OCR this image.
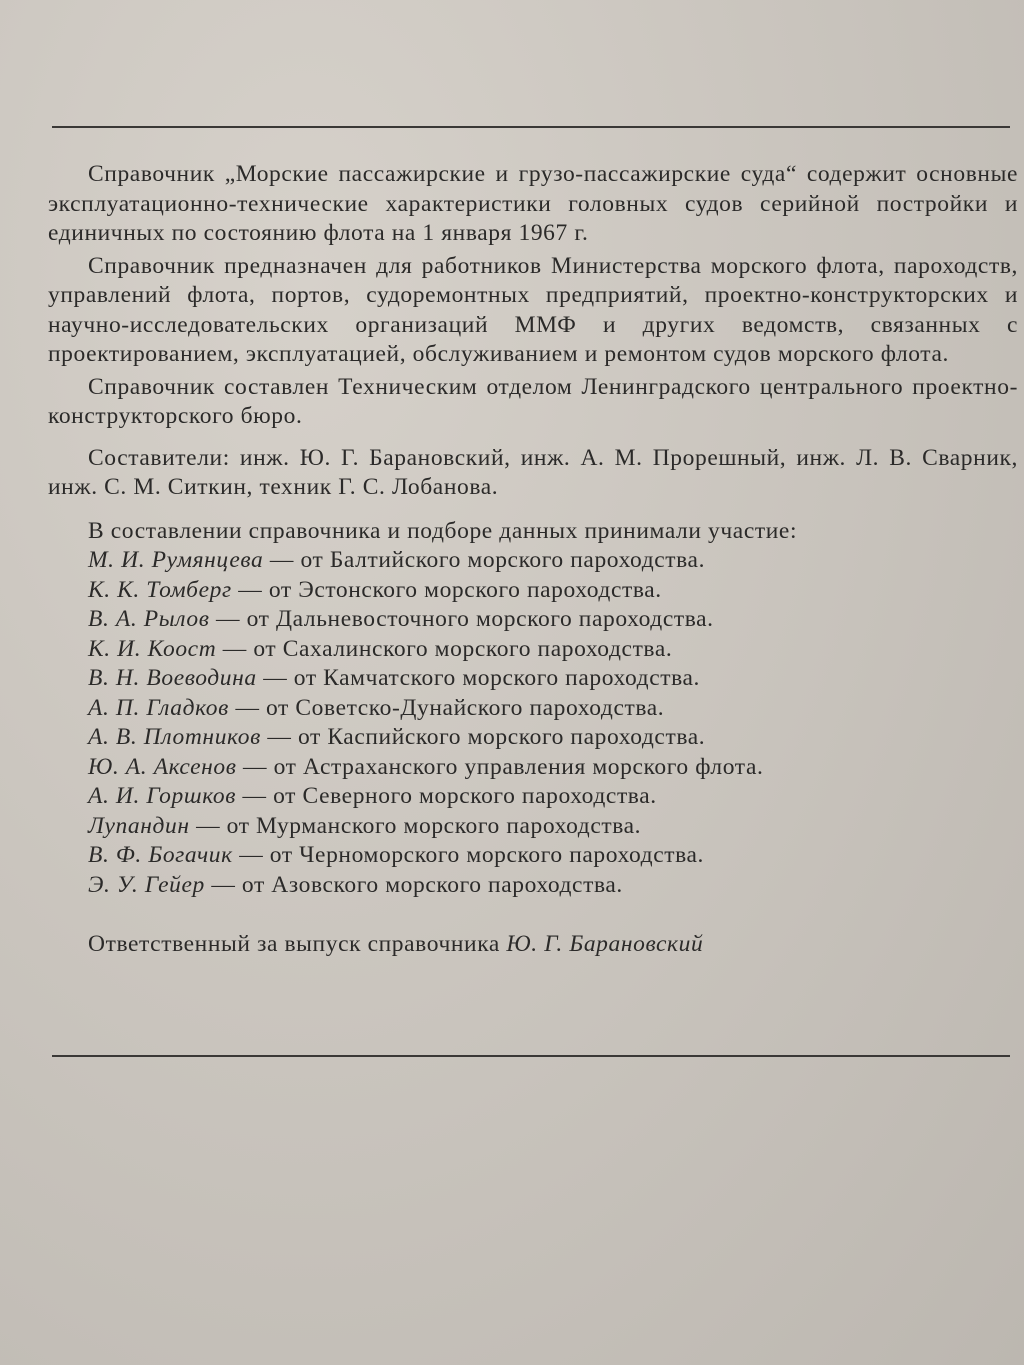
Справочник „Морские пассажирские и грузо-пассажирские суда“ содержит основные эксплуатационно-технические характеристики головных судов серийной постройки и единичных по состоянию флота на 1 января 1967 г.

Справочник предназначен для работников Министерства морского флота, пароходств, управлений флота, портов, судоремонтных предприятий, проектно-конструкторских и научно-исследовательских организаций ММФ и других ведомств, связанных с проектированием, эксплуатацией, обслуживанием и ремонтом судов морского флота.

Справочник составлен Техническим отделом Ленинградского центрального проектно-конструкторского бюро.

Составители: инж. Ю. Г. Барановский, инж. А. М. Прорешный, инж. Л. В. Сварник, инж. С. М. Ситкин, техник Г. С. Лобанова.

В составлении справочника и подборе данных принимали участие:

М. И. Румянцева — от Балтийского морского пароходства.
К. К. Томберг — от Эстонского морского пароходства.
В. А. Рылов — от Дальневосточного морского пароходства.
К. И. Коост — от Сахалинского морского пароходства.
В. Н. Воеводина — от Камчатского морского пароходства.
А. П. Гладков — от Советско-Дунайского пароходства.
А. В. Плотников — от Каспийского морского пароходства.
Ю. А. Аксенов — от Астраханского управления морского флота.
А. И. Горшков — от Северного морского пароходства.
Лупандин — от Мурманского морского пароходства.
В. Ф. Богачик — от Черноморского морского пароходства.
Э. У. Гейер — от Азовского морского пароходства.

Ответственный за выпуск справочника Ю. Г. Барановский
